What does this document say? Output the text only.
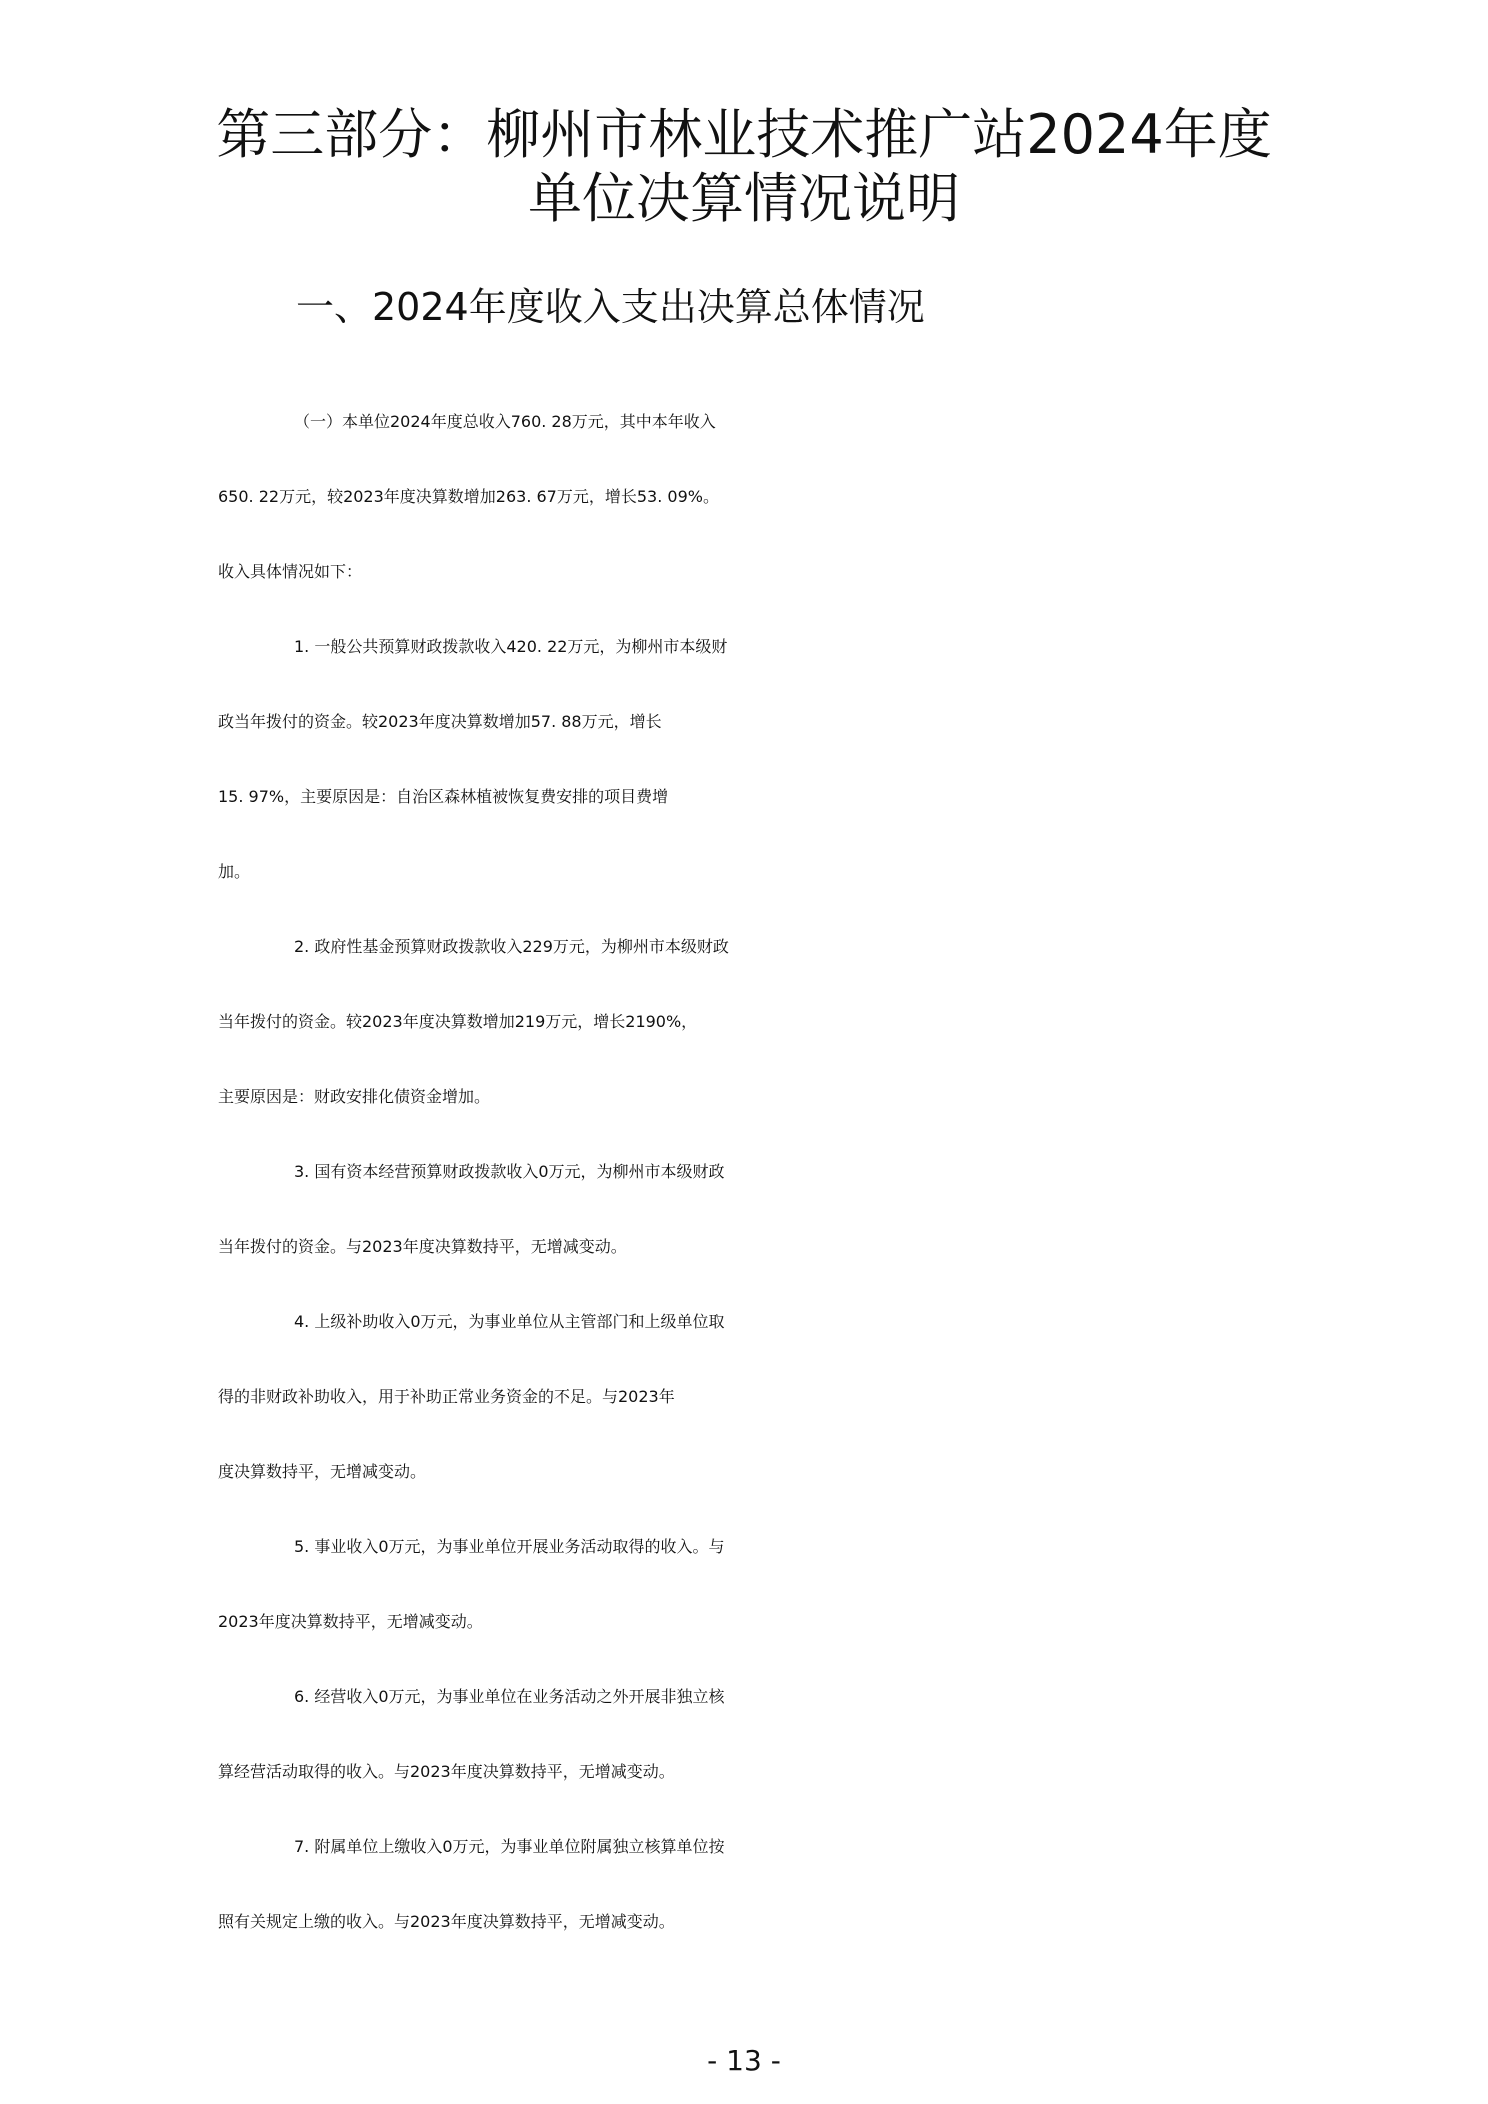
第三部分：柳州市林业技术推广站2024年度
单位决算情况说明
一、2024年度收入支出决算总体情况
（一）本单位2024年度总收入760. 28万元，其中本年收入
650. 22万元，较2023年度决算数增加263. 67万元，增长53. 09%。
收入具体情况如下：
1. 一般公共预算财政拨款收入420. 22万元，为柳州市本级财
政当年拨付的资金。较2023年度决算数增加57. 88万元，增长
15. 97%，主要原因是：自治区森林植被恢复费安排的项目费增
加。
2. 政府性基金预算财政拨款收入229万元，为柳州市本级财政
当年拨付的资金。较2023年度决算数增加219万元，增长2190%，
主要原因是：财政安排化债资金增加。
3. 国有资本经营预算财政拨款收入0万元，为柳州市本级财政
当年拨付的资金。与2023年度决算数持平，无增减变动。
4. 上级补助收入0万元，为事业单位从主管部门和上级单位取
得的非财政补助收入，用于补助正常业务资金的不足。与2023年
度决算数持平，无增减变动。
5. 事业收入0万元，为事业单位开展业务活动取得的收入。与
2023年度决算数持平，无增减变动。
6. 经营收入0万元，为事业单位在业务活动之外开展非独立核
算经营活动取得的收入。与2023年度决算数持平，无增减变动。
7. 附属单位上缴收入0万元，为事业单位附属独立核算单位按
照有关规定上缴的收入。与2023年度决算数持平，无增减变动。
- 13 -
